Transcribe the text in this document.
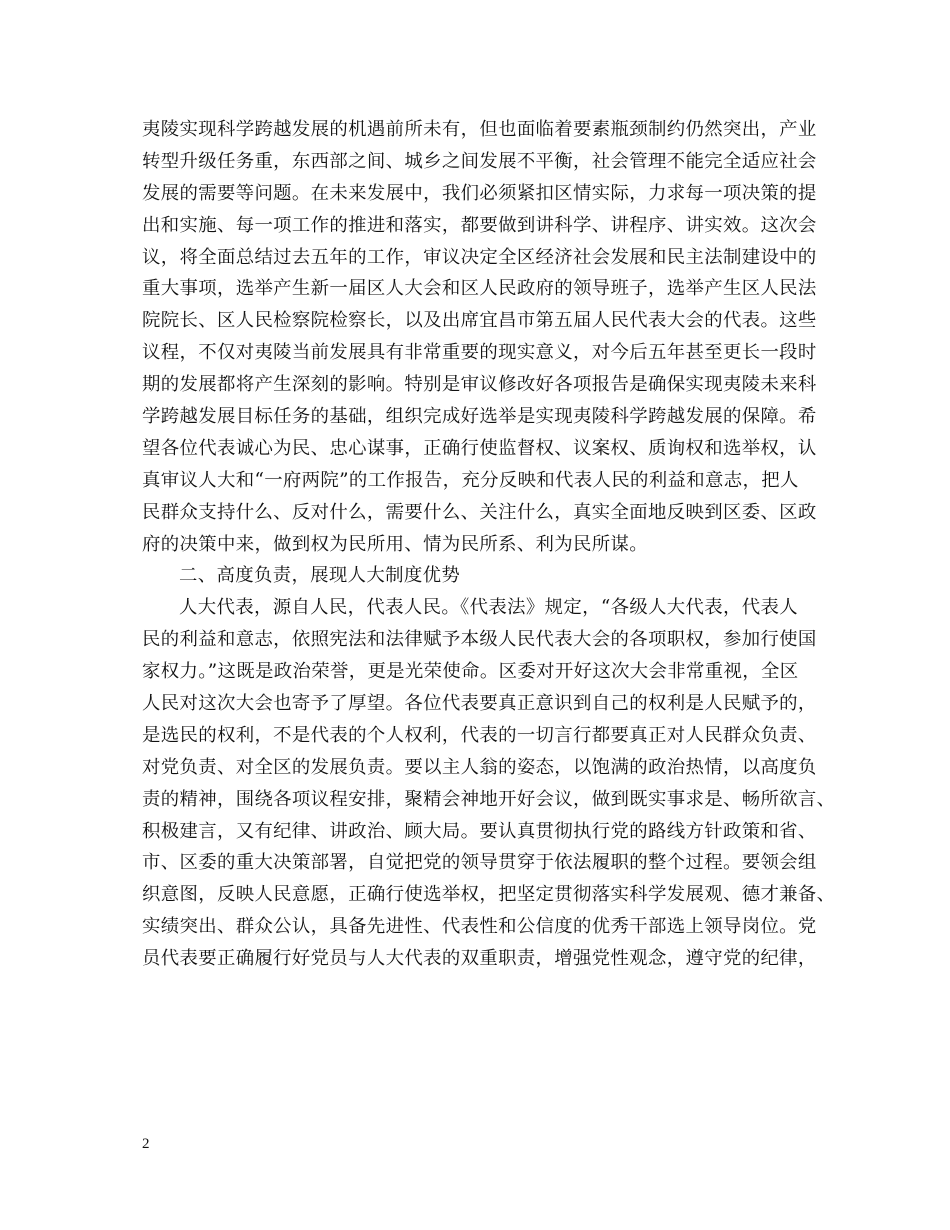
夷陵实现科学跨越发展的机遇前所未有，但也面临着要素瓶颈制约仍然突出，产业
转型升级任务重，东西部之间、城乡之间发展不平衡，社会管理不能完全适应社会
发展的需要等问题。在未来发展中，我们必须紧扣区情实际，力求每一项决策的提
出和实施、每一项工作的推进和落实，都要做到讲科学、讲程序、讲实效。这次会
议，将全面总结过去五年的工作，审议决定全区经济社会发展和民主法制建设中的
重大事项，选举产生新一届区人大会和区人民政府的领导班子，选举产生区人民法
院院长、区人民检察院检察长，以及出席宜昌市第五届人民代表大会的代表。这些
议程，不仅对夷陵当前发展具有非常重要的现实意义，对今后五年甚至更长一段时
期的发展都将产生深刻的影响。特别是审议修改好各项报告是确保实现夷陵未来科
学跨越发展目标任务的基础，组织完成好选举是实现夷陵科学跨越发展的保障。希
望各位代表诚心为民、忠心谋事，正确行使监督权、议案权、质询权和选举权，认
真审议人大和“一府两院”的工作报告，充分反映和代表人民的利益和意志，把人
民群众支持什么、反对什么，需要什么、关注什么，真实全面地反映到区委、区政
府的决策中来，做到权为民所用、情为民所系、利为民所谋。
二、高度负责，展现人大制度优势
人大代表，源自人民，代表人民。《代表法》规定，“各级人大代表，代表人
民的利益和意志，依照宪法和法律赋予本级人民代表大会的各项职权，参加行使国
家权力。”这既是政治荣誉，更是光荣使命。区委对开好这次大会非常重视，全区
人民对这次大会也寄予了厚望。各位代表要真正意识到自己的权利是人民赋予的，
是选民的权利，不是代表的个人权利，代表的一切言行都要真正对人民群众负责、
对党负责、对全区的发展负责。要以主人翁的姿态，以饱满的政治热情，以高度负
责的精神，围绕各项议程安排，聚精会神地开好会议，做到既实事求是、畅所欲言、
积极建言，又有纪律、讲政治、顾大局。要认真贯彻执行党的路线方针政策和省、
市、区委的重大决策部署，自觉把党的领导贯穿于依法履职的整个过程。要领会组
织意图，反映人民意愿，正确行使选举权，把坚定贯彻落实科学发展观、德才兼备、
实绩突出、群众公认，具备先进性、代表性和公信度的优秀干部选上领导岗位。党
员代表要正确履行好党员与人大代表的双重职责，增强党性观念，遵守党的纪律，
2
